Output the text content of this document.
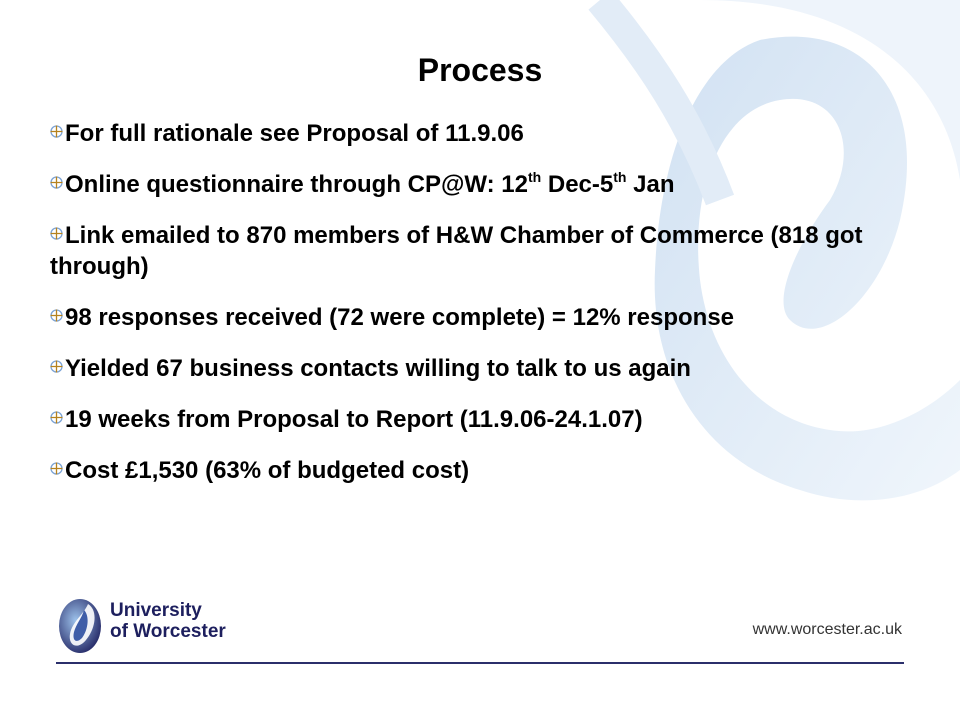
Process
For full rationale see Proposal of 11.9.06
Online questionnaire through CP@W: 12th Dec-5th Jan
Link emailed to 870 members of H&W Chamber of Commerce (818 got through)
98 responses received (72 were complete) = 12% response
Yielded 67 business contacts willing to talk to us again
19 weeks from Proposal to Report (11.9.06-24.1.07)
Cost £1,530 (63% of budgeted cost)
University
of Worcester	www.worcester.ac.uk
